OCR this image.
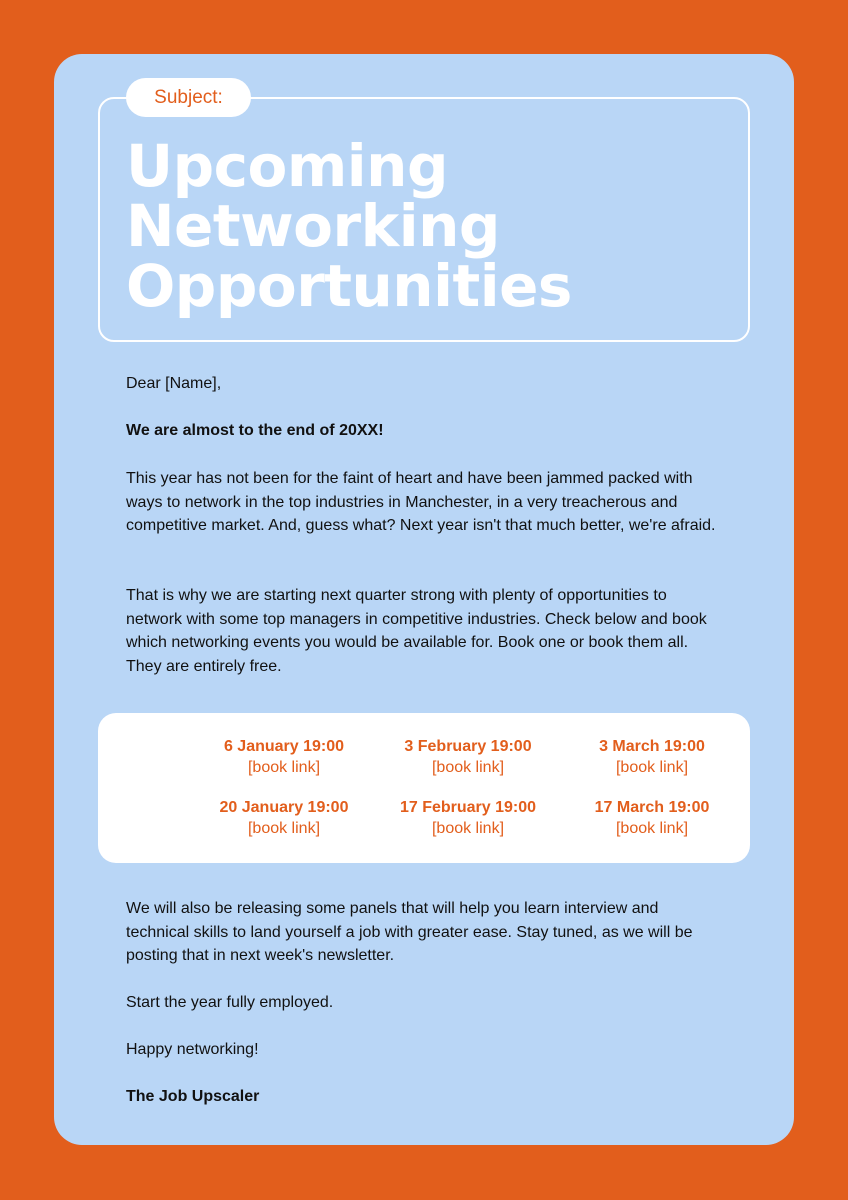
Subject:
Upcoming
Networking
Opportunities

Dear [Name],

We are almost to the end of 20XX!

This year has not been for the faint of heart and have been jammed packed with ways to network in the top industries in Manchester, in a very treacherous and competitive market. And, guess what? Next year isn't that much better, we're afraid.

That is why we are starting next quarter strong with plenty of opportunities to network with some top managers in competitive industries. Check below and book which networking events you would be available for. Book one or book them all. They are entirely free.

6 January 19:00
[book link]
3 February 19:00
[book link]
3 March 19:00
[book link]
20 January 19:00
[book link]
17 February 19:00
[book link]
17 March 19:00
[book link]

We will also be releasing some panels that will help you learn interview and technical skills to land yourself a job with greater ease. Stay tuned, as we will be posting that in next week's newsletter.

Start the year fully employed.

Happy networking!

The Job Upscaler
